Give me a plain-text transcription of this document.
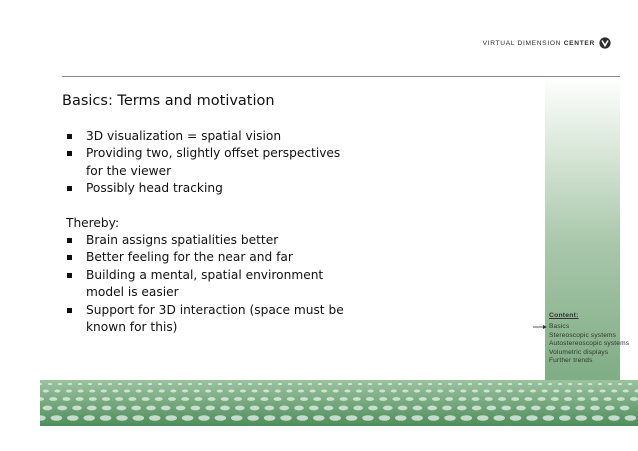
VIRTUAL DIMENSION CENTER
Basics: Terms and motivation
3D visualization = spatial vision
Providing two, slightly offset perspectives for the viewer
Possibly head tracking
Thereby:
Brain assigns spatialities better
Better feeling for the near and far
Building a mental, spatial environment model is easier
Support for 3D interaction (space must be known for this)
Content:
Basics
Stereoscopic systems
Autostereoscopic systems
Volumetric displays
Further trends
